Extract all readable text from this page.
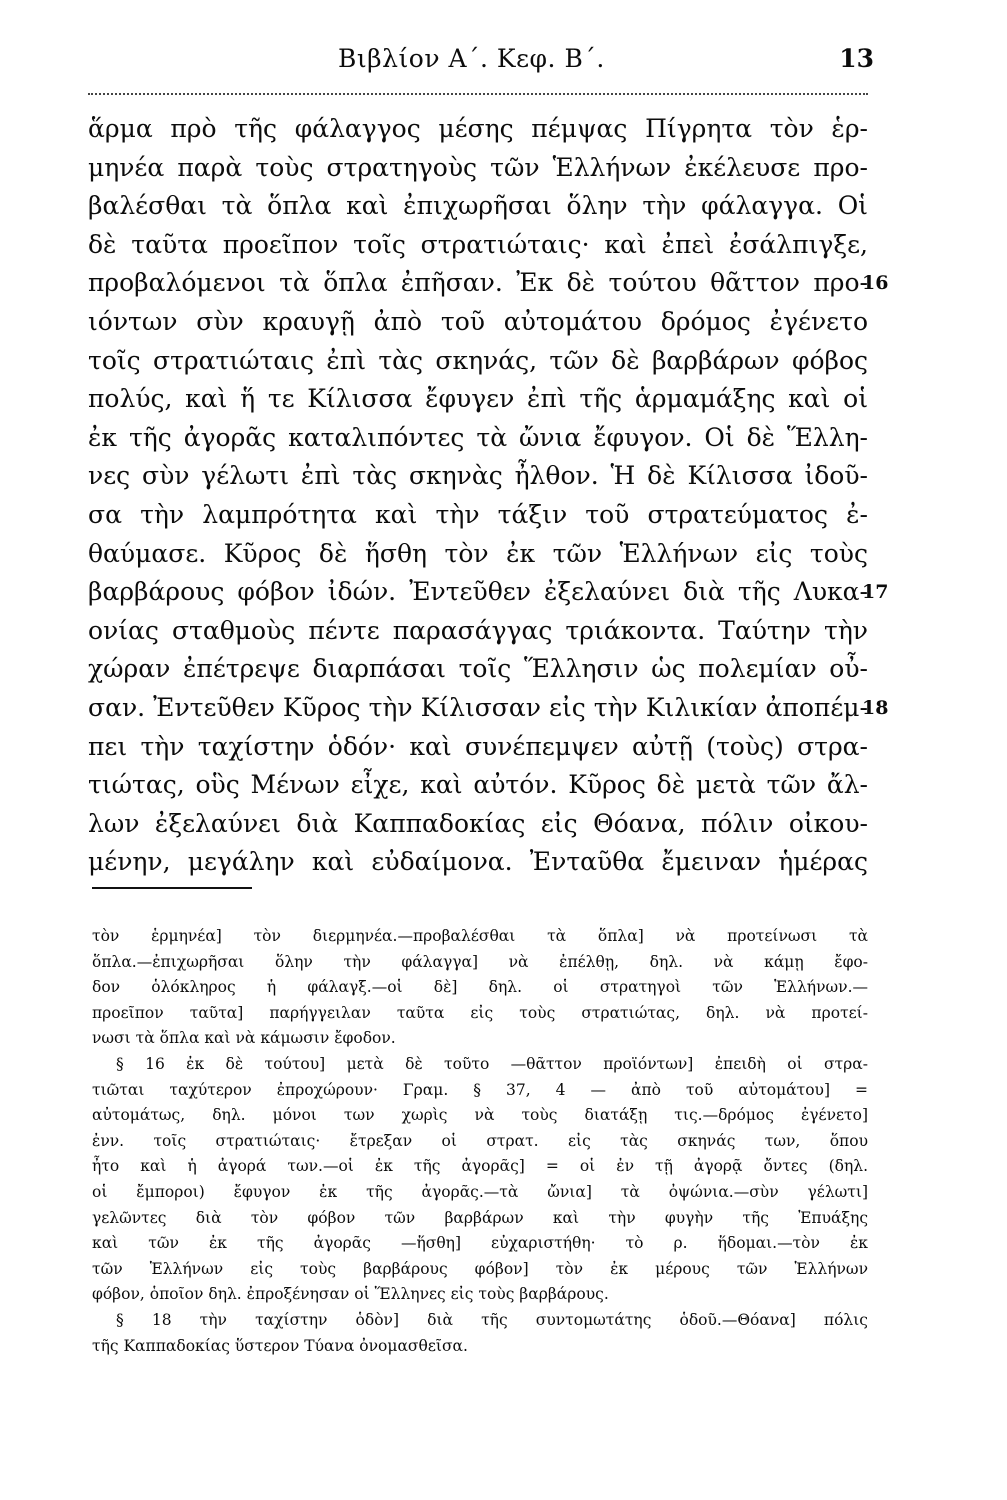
Βιβλίον Α΄. Κεφ. Β΄.	13
ἅρμα πρὸ τῆς φάλαγγος μέσης πέμψας Πίγρητα τὸν ἑρ-
μηνέα παρὰ τοὺς στρατηγοὺς τῶν Ἑλλήνων ἐκέλευσε προ-
βαλέσθαι τὰ ὅπλα καὶ ἐπιχωρῆσαι ὅλην τὴν φάλαγγα. Οἱ
δὲ ταῦτα προεῖπον τοῖς στρατιώταις· καὶ ἐπεὶ ἐσάλπιγξε,
προβαλόμενοι τὰ ὅπλα ἐπῆσαν. Ἐκ δὲ τούτου θᾶττον προ-
16
ιόντων σὺν κραυγῇ ἀπὸ τοῦ αὐτομάτου δρόμος ἐγένετο
τοῖς στρατιώταις ἐπὶ τὰς σκηνάς, τῶν δὲ βαρβάρων φόβος
πολύς, καὶ ἥ τε Κίλισσα ἔφυγεν ἐπὶ τῆς ἁρμαμάξης καὶ οἱ
ἐκ τῆς ἀγορᾶς καταλιπόντες τὰ ὤνια ἔφυγον. Οἱ δὲ Ἕλλη-
νες σὺν γέλωτι ἐπὶ τὰς σκηνὰς ἦλθον. Ἡ δὲ Κίλισσα ἰδοῦ-
σα τὴν λαμπρότητα καὶ τὴν τάξιν τοῦ στρατεύματος ἐ-
θαύμασε. Κῦρος δὲ ἥσθη τὸν ἐκ τῶν Ἑλλήνων εἰς τοὺς
βαρβάρους φόβον ἰδών. Ἐντεῦθεν ἐξελαύνει διὰ τῆς Λυκα-
17
ονίας σταθμοὺς πέντε παρασάγγας τριάκοντα. Ταύτην τὴν
χώραν ἐπέτρεψε διαρπάσαι τοῖς Ἕλλησιν ὡς πολεμίαν οὖ-
σαν. Ἐντεῦθεν Κῦρος τὴν Κίλισσαν εἰς τὴν Κιλικίαν ἀποπέμ-
18
πει τὴν ταχίστην ὁδόν· καὶ συνέπεμψεν αὐτῇ (τοὺς) στρα-
τιώτας, οὓς Μένων εἶχε, καὶ αὐτόν. Κῦρος δὲ μετὰ τῶν ἄλ-
λων ἐξελαύνει διὰ Καππαδοκίας εἰς Θόανα, πόλιν οἰκου-
μένην, μεγάλην καὶ εὐδαίμονα. Ἐνταῦθα ἔμειναν ἡμέρας
τὸν ἑρμηνέα] τὸν διερμηνέα.—προβαλέσθαι τὰ ὅπλα] νὰ προτείνωσι τὰ
ὅπλα.—ἐπιχωρῆσαι ὅλην τὴν φάλαγγα] νὰ ἐπέλθῃ, δηλ. νὰ κάμῃ ἔφο-
δον ὁλόκληρος ἡ φάλαγξ.—οἱ δὲ] δηλ. οἱ στρατηγοὶ τῶν Ἑλλήνων.—
προεῖπον ταῦτα] παρήγγειλαν ταῦτα εἰς τοὺς στρατιώτας, δηλ. νὰ προτεί-
νωσι τὰ ὅπλα καὶ νὰ κάμωσιν ἔφοδον.
§ 16 ἐκ δὲ τούτου] μετὰ δὲ τοῦτο —θᾶττον προϊόντων] ἐπειδὴ οἱ στρα-
τιῶται ταχύτερον ἐπροχώρουν· Γραμ. § 37, 4 — ἀπὸ τοῦ αὐτομάτου] =
αὐτομάτως, δηλ. μόνοι των χωρὶς νὰ τοὺς διατάξῃ τις.—δρόμος ἐγένετο]
ἐνν. τοῖς στρατιώταις· ἔτρεξαν οἱ στρατ. εἰς τὰς σκηνάς των, ὅπου
ἦτο καὶ ἡ ἀγορά των.—οἱ ἐκ τῆς ἀγορᾶς] = οἱ ἐν τῇ ἀγορᾷ ὄντες (δηλ.
οἱ ἔμποροι) ἔφυγον ἐκ τῆς ἀγορᾶς.—τὰ ὤνια] τὰ ὀψώνια.—σὺν γέλωτι]
γελῶντες διὰ τὸν φόβον τῶν βαρβάρων καὶ τὴν φυγὴν τῆς Ἐπυάξης
καὶ τῶν ἐκ τῆς ἀγορᾶς —ἥσθη] εὐχαριστήθη· τὸ ρ. ἥδομαι.—τὸν ἐκ
τῶν Ἑλλήνων εἰς τοὺς βαρβάρους φόβον] τὸν ἐκ μέρους τῶν Ἑλλήνων
φόβον, ὁποῖον δηλ. ἐπροξένησαν οἱ Ἕλληνες εἰς τοὺς βαρβάρους.
§ 18 τὴν ταχίστην ὁδὸν] διὰ τῆς συντομωτάτης ὁδοῦ.—Θόανα] πόλις
τῆς Καππαδοκίας ὕστερον Τύανα ὀνομασθεῖσα.
